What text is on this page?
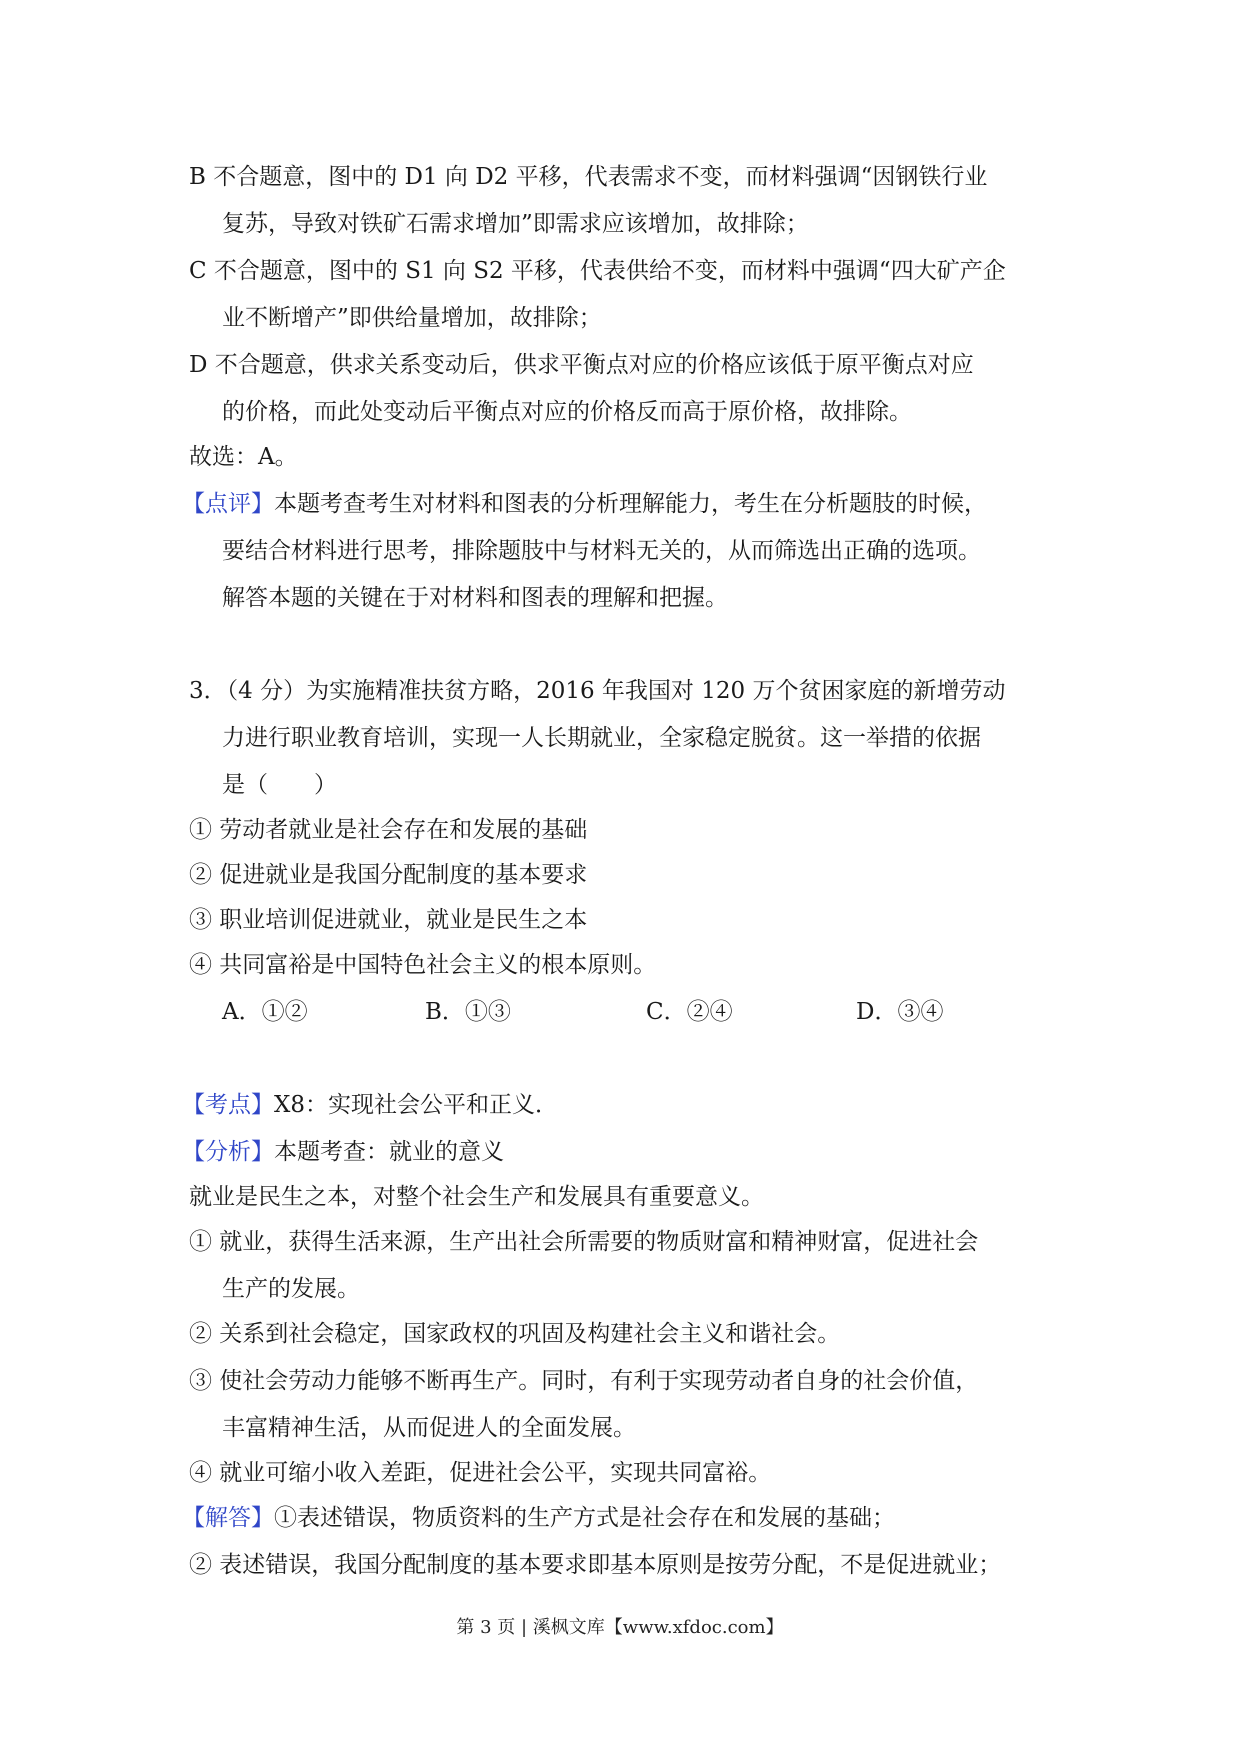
B 不合题意，图中的 D1 向 D2 平移，代表需求不变，而材料强调“因钢铁行业
复苏，导致对铁矿石需求增加”即需求应该增加，故排除；
C 不合题意，图中的 S1 向 S2 平移，代表供给不变，而材料中强调“四大矿产企
业不断增产”即供给量增加，故排除；
D 不合题意，供求关系变动后，供求平衡点对应的价格应该低于原平衡点对应
的价格，而此处变动后平衡点对应的价格反而高于原价格，故排除。
故选：A。
【点评】本题考查考生对材料和图表的分析理解能力，考生在分析题肢的时候，
要结合材料进行思考，排除题肢中与材料无关的，从而筛选出正确的选项。
解答本题的关键在于对材料和图表的理解和把握。
3．（4 分）为实施精准扶贫方略，2016 年我国对 120 万个贫困家庭的新增劳动
力进行职业教育培训，实现一人长期就业，全家稳定脱贫。这一举措的依据
是（　　）
① 劳动者就业是社会存在和发展的基础
② 促进就业是我国分配制度的基本要求
③ 职业培训促进就业，就业是民生之本
④ 共同富裕是中国特色社会主义的根本原则。
A．①②	B．①③	C．②④	D．③④
【考点】X8：实现社会公平和正义．
【分析】本题考查：就业的意义
就业是民生之本，对整个社会生产和发展具有重要意义。
① 就业，获得生活来源，生产出社会所需要的物质财富和精神财富，促进社会
生产的发展。
② 关系到社会稳定，国家政权的巩固及构建社会主义和谐社会。
③ 使社会劳动力能够不断再生产。同时，有利于实现劳动者自身的社会价值，
丰富精神生活，从而促进人的全面发展。
④ 就业可缩小收入差距，促进社会公平，实现共同富裕。
【解答】①表述错误，物质资料的生产方式是社会存在和发展的基础；
② 表述错误，我国分配制度的基本要求即基本原则是按劳分配，不是促进就业；
第 3 页 | 溪枫文库【www.xfdoc.com】
